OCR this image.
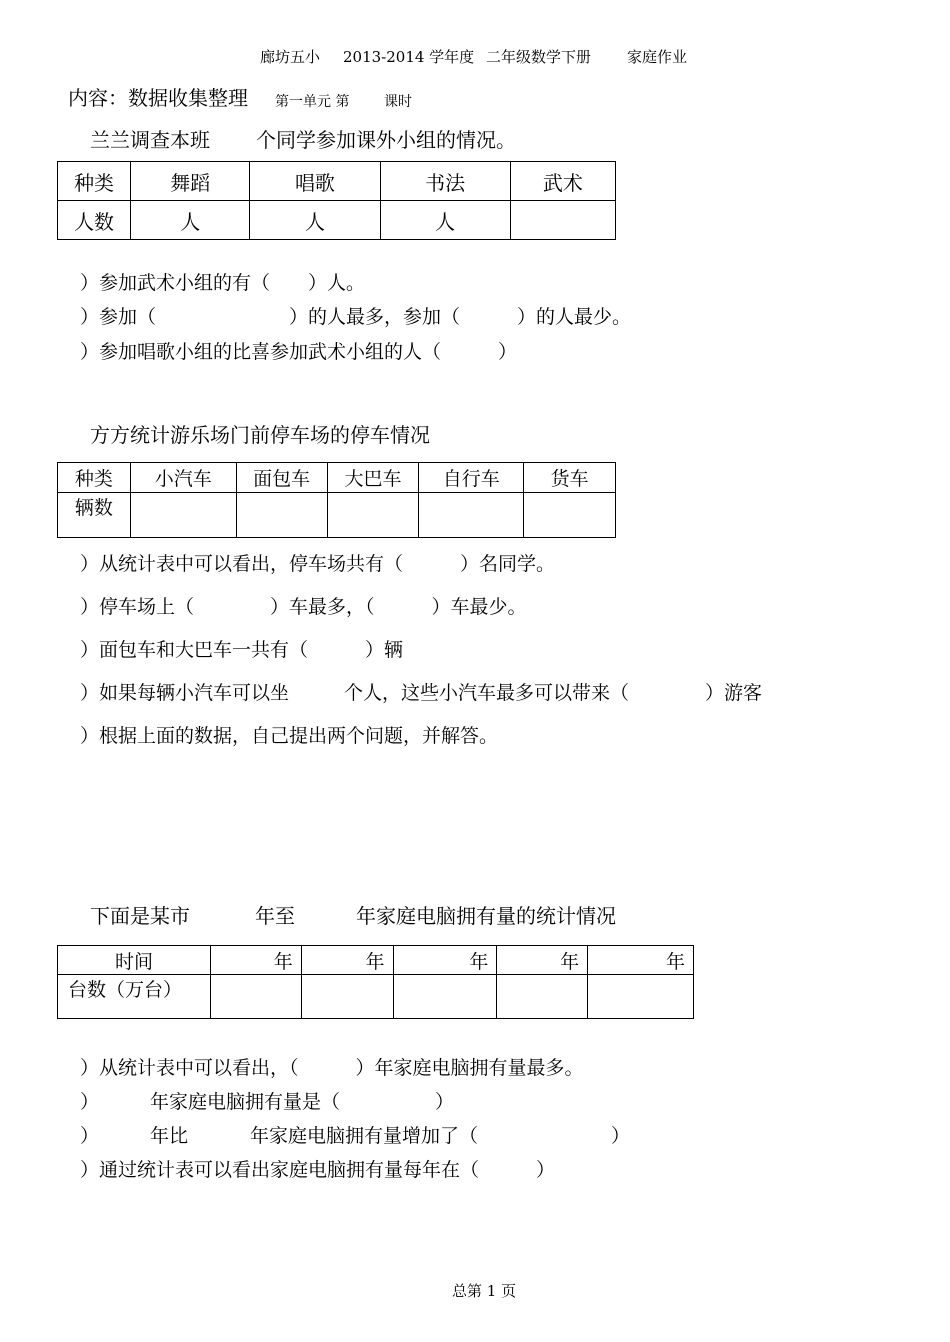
廊坊五小 2013-2014 学年度 二年级数学下册 家庭作业
内容：数据收集整理 第一单元 第 课时
兰兰调查本班 个同学参加课外小组的情况。
种类	舞蹈	唱歌	书法	武术
人数	人	人	人	
）参加武术小组的有（　　）人。
）参加（　　　　　　　）的人最多，参加（　　　）的人最少。
）参加唱歌小组的比喜参加武术小组的人（　　　）
方方统计游乐场门前停车场的停车情况
种类	小汽车	面包车	大巴车	自行车	货车
辆数					
）从统计表中可以看出，停车场共有（　　　）名同学。
）停车场上（　　　　）车最多，（　　　）车最少。
）面包车和大巴车一共有（　　　）辆
）如果每辆小汽车可以坐	个人，这些小汽车最多可以带来（　　　　）游客
）根据上面的数据，自己提出两个问题，并解答。
下面是某市	年至	年家庭电脑拥有量的统计情况
时间	年	年	年	年	年
台数（万台）					
）从统计表中可以看出，（　　　）年家庭电脑拥有量最多。
）	年家庭电脑拥有量是（　　　　　）
）	年比	年家庭电脑拥有量增加了（　　　　　　　）
）通过统计表可以看出家庭电脑拥有量每年在（　　　）
总第 1 页
